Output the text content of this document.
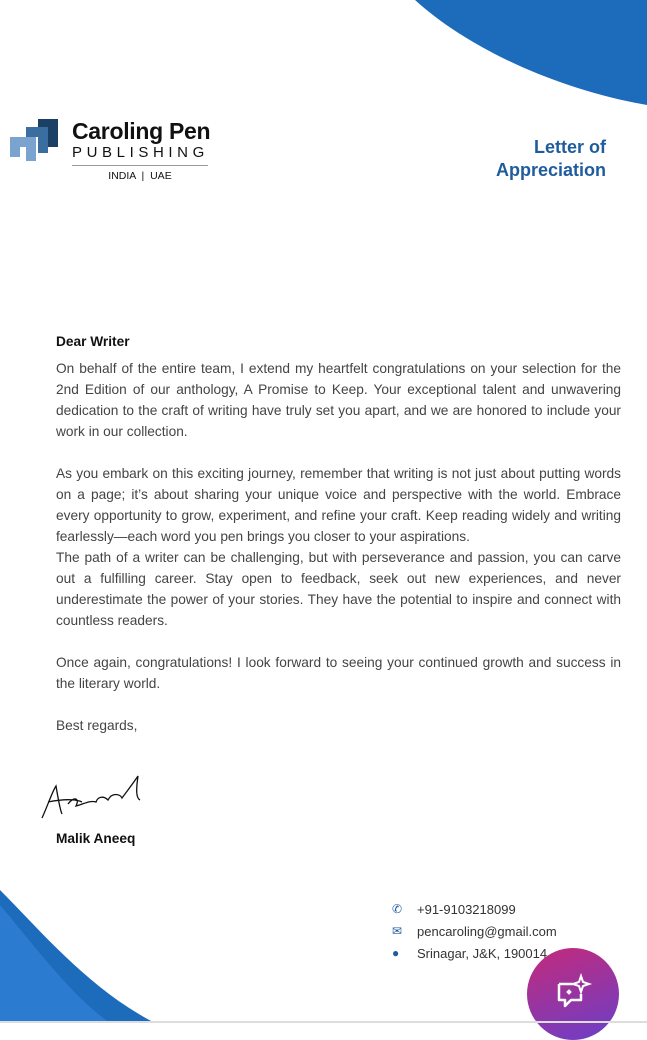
Caroling Pen
PUBLISHING
INDIA  |  UAE
Letter of
Appreciation
Dear Writer

On behalf of the entire team, I extend my heartfelt congratulations on your selection for the 2nd Edition of our anthology, A Promise to Keep. Your exceptional talent and unwavering dedication to the craft of writing have truly set you apart, and we are honored to include your work in our collection.

As you embark on this exciting journey, remember that writing is not just about putting words on a page; it’s about sharing your unique voice and perspective with the world. Embrace every opportunity to grow, experiment, and refine your craft. Keep reading widely and writing fearlessly—each word you pen brings you closer to your aspirations.

The path of a writer can be challenging, but with perseverance and passion, you can carve out a fulfilling career. Stay open to feedback, seek out new experiences, and never underestimate the power of your stories. They have the potential to inspire and connect with countless readers.

Once again, congratulations! I look forward to seeing your continued growth and success in the literary world.

Best regards,

Malik Aneeq
✆	+91-9103218099
✉	pencaroling@gmail.com
●	Srinagar, J&K, 190014
